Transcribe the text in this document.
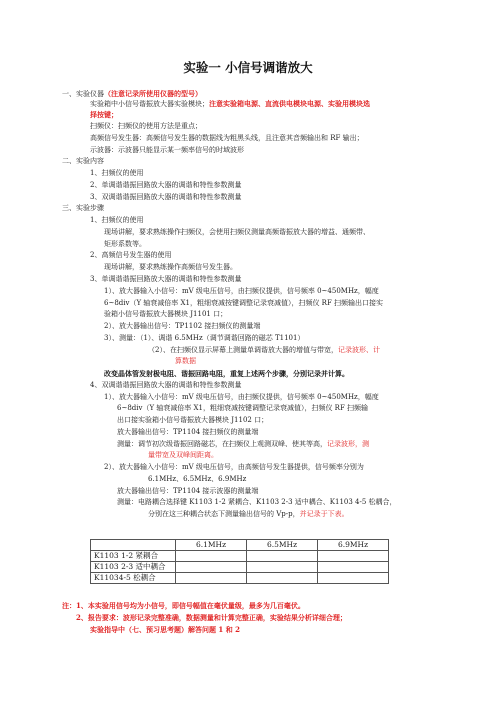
实验一 小信号调谐放大
一、实验仪器（注意记录所使用仪器的型号）
实验箱中小信号谐振放大器实验模块；注意实验箱电源、直流供电模块电源、实验用模块选
择按键；
扫频仪：扫频仪的使用方法是重点；
高频信号发生器：高频信号发生器的数据线为粗黑头线，且注意其音频输出和 RF 输出；
示波器：示波器只能显示某一频率信号的时域波形
二、实验内容
1、扫频仪的使用
2、单调谐谐振回路放大器的调谐和特性参数测量
3、双调谐谐振回路放大器的调谐和特性参数测量
三、实验步骤
1、扫频仪的使用
现场讲解，要求熟练操作扫频仪，会使用扫频仪测量高频谐振放大器的增益、通频带、
矩形系数等。
2、高频信号发生器的使用
现场讲解，要求熟练操作高频信号发生器。
3、单调谐谐振回路放大器的调谐和特性参数测量
1）、放大器输入小信号：mV 级电压信号，由扫频仪提供，信号频率 0~450MHz，幅度
6~8div（Y 轴衰减倍率 X1，粗细衰减按键调整记录衰减值），扫频仪 RF 扫频输出口接实
验箱小信号谐振放大器模块 J1101 口；
2）、放大器输出信号：TP1102 接扫频仪的测量端
3）、测量：（1）、调谐 6.5MHz（调节调谐回路的磁芯 T1101）
（2）、在扫频仪显示屏幕上测量单调谐放大器的增值与带宽，记录波形、计
算数据
改变晶体管发射极电阻、谐振回路电阻，重复上述两个步骤，分别记录并计算。
4、双调谐谐振回路放大器的调谐和特性参数测量
1）、放大器输入小信号：mV 级电压信号，由扫频仪提供，信号频率 0~450MHz，幅度
6~8div（Y 轴衰减倍率 X1，粗细衰减按键调整记录衰减值），扫频仪 RF 扫频输
出口接实验箱小信号谐振放大器模块 J1102 口；
放大器输出信号：TP1104 接扫频仪的测量端
测量：调节初次级谐振回路磁芯，在扫频仪上观测双峰、使其等高，记录波形，测
量带宽及双峰间距离。
2）、放大器输入小信号：mV 级电压信号，由高频信号发生器提供，信号频率分别为
6.1MHz、6.5MHz、6.9MHz
放大器输出信号：TP1104 接示波器的测量端
测量：电路耦合选择键 K1103 1-2 紧耦合、K1103 2-3 适中耦合、K1103 4-5 松耦合，
分别在这三种耦合状态下测量输出信号的 Vp-p，并记录于下表。
	6.1MHz	6.5MHz	6.9MHz
K1103 1-2 紧耦合			
K1103 2-3 适中耦合			
K11034-5 松耦合			
注：1、本实验用信号均为小信号，即信号幅值在毫伏量级，最多为几百毫伏。
2、报告要求：波形记录完整准确，数据测量和计算完整正确，实验结果分析详细合理；
实验指导中（七、预习思考题）解答问题 1 和 2
